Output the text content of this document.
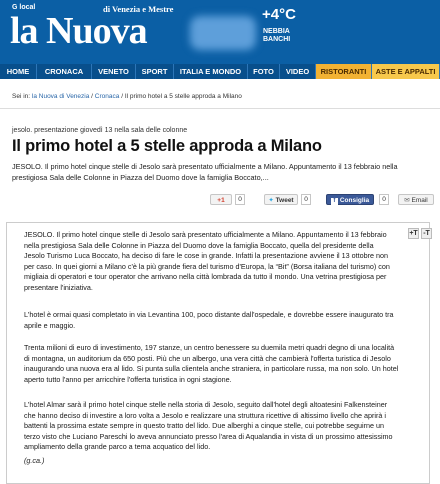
G local
la Nuova
di Venezia e Mestre	+4°C
NEBBIA
BANCHI
HOME	CRONACA	VENETO	SPORT	ITALIA E MONDO	FOTO	VIDEO	RISTORANTI	ASTE E APPALTI
Sei in: la Nuova di Venezia / Cronaca / Il primo hotel a 5 stelle approda a Milano
jesolo. presentazione giovedì 13 nella sala delle colonne
Il primo hotel a 5 stelle approda a Milano
JESOLO. Il primo hotel cinque stelle di Jesolo sarà presentato ufficialmente a Milano. Appuntamento il 13 febbraio nella prestigiosa Sala delle Colonne in Piazza del Duomo dove la famiglia Boccato,...
+1	0	✦ Tweet	0	f Consiglia	0	✉ Email
+T -T
JESOLO. Il primo hotel cinque stelle di Jesolo sarà presentato ufficialmente a Milano. Appuntamento il 13 febbraio nella prestigiosa Sala delle Colonne in Piazza del Duomo dove la famiglia Boccato, quella del presidente della Jesolo Turismo Luca Boccato, ha deciso di fare le cose in grande. Infatti la presentazione avviene il 13 ottobre non per caso. In quei giorni a Milano c'è la più grande fiera del turismo d'Europa, la “Bit” (Borsa italiana del turismo) con migliaia di operatori e tour operator che arrivano nella città lombrada da tutto il mondo. Una vetrina prestigiosa per presentare l'iniziativa.
L'hotel è ormai quasi completato in via Levantina 100, poco distante dall'ospedale, e dovrebbe essere inaugurato tra aprile e maggio.
Trenta milioni di euro di investimento, 197 stanze, un centro benessere su duemila metri quadri degno di una località di montagna, un auditorium da 650 posti. Più che un albergo, una vera città che cambierà l'offerta turistica di Jesolo inaugurando una nuova era al lido. Si punta sulla clientela anche straniera, in particolare russa, ma non solo. Un hotel aperto tutto l'anno per arricchire l'offerta turistica in ogni stagione.
L'hotel Almar sarà il primo hotel cinque stelle nella storia di Jesolo, seguito dall'hotel degli altoatesini Falkensteiner che hanno deciso di investire a loro volta a Jesolo e realizzare una struttura ricettive di altissimo livello che aprirà i battenti la prossima estate sempre in questo tratto del lido. Due alberghi a cinque stelle, cui potrebbe seguirne un terzo visto che Luciano Pareschi lo aveva annunciato presso l'area di Aqualandia in vista di un prossimo attesissimo ampliamento della grande parco a tema acquatico del lido.
(g.ca.)
